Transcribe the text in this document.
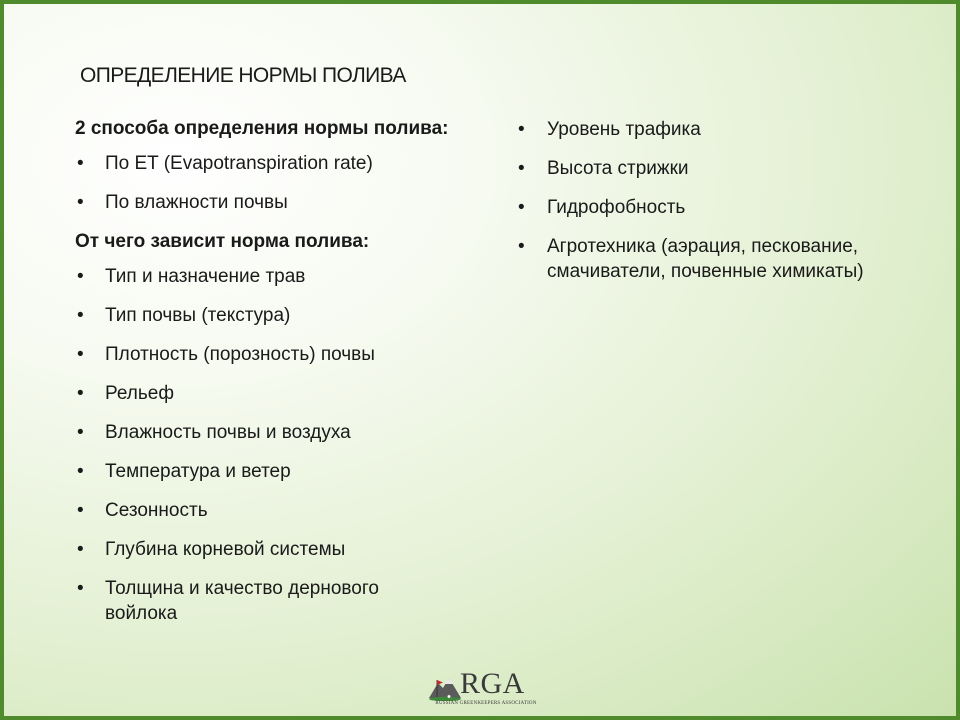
ОПРЕДЕЛЕНИЕ НОРМЫ ПОЛИВА
2 способа определения нормы полива:
• По ET (Evapotranspiration rate)
• По влажности почвы
От чего зависит норма полива:
• Тип и назначение трав
• Тип почвы (текстура)
• Плотность (порозность) почвы
• Рельеф
• Влажность почвы и воздуха
• Температура и ветер
• Сезонность
• Глубина корневой системы
• Толщина и качество дернового войлока
• Уровень трафика
• Высота стрижки
• Гидрофобность
• Агротехника (аэрация, пескование, смачиватели, почвенные химикаты)
RGA
RUSSIAN GREENKEEPERS ASSOCIATION
